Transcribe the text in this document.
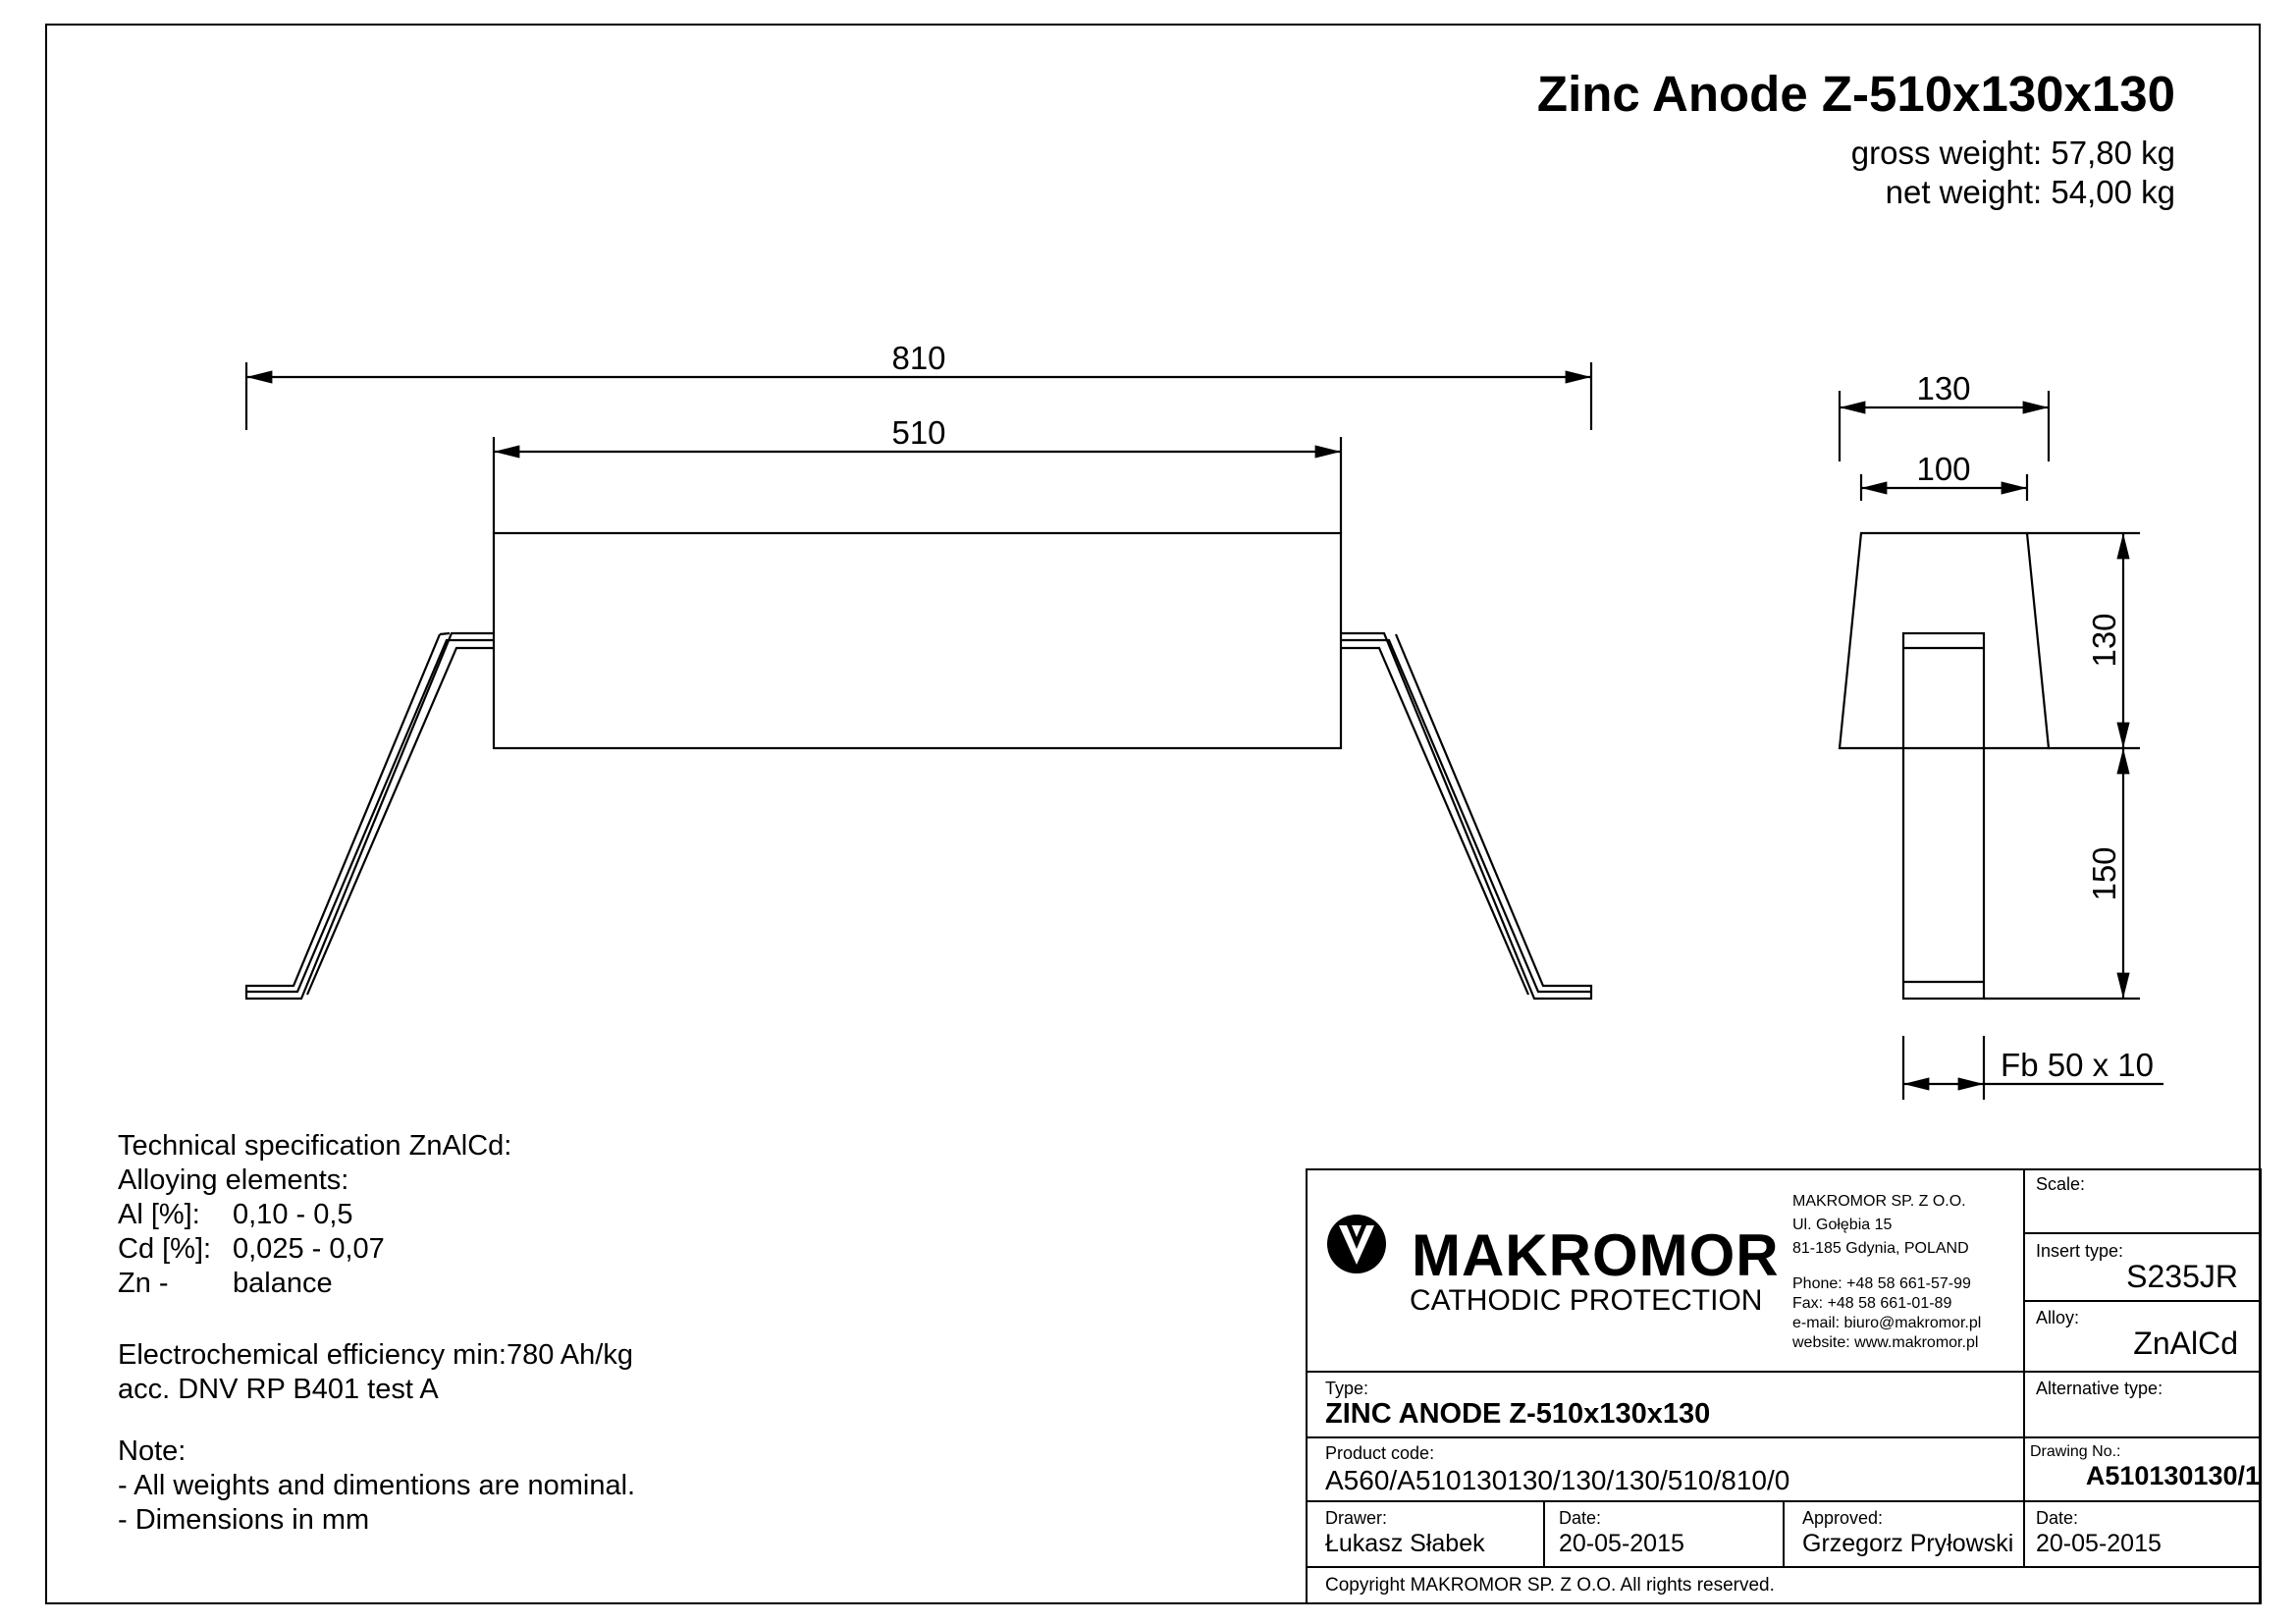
Zinc Anode Z-510x130x130
gross weight: 57,80 kg
net weight: 54,00 kg
810
510
130
100
130
150
Fb 50 x 10
Technical specification ZnAlCd:
Alloying elements:
Al [%]:	0,10 - 0,5
Cd [%]: 0,025 - 0,07
Zn -	balance
Electrochemical efficiency min:780 Ah/kg
acc. DNV RP B401 test A
Note:
- All weights and dimentions are nominal.
- Dimensions in mm
MAKROMOR
CATHODIC PROTECTION
MAKROMOR SP. Z O.O.
Ul. Gołębia 15
81-185 Gdynia, POLAND
Phone: +48 58 661-57-99
Fax: +48 58 661-01-89
e-mail: biuro@makromor.pl
website: www.makromor.pl
Scale:
Insert type:
S235JR
Alloy:
ZnAlCd
Alternative type:
Type:
ZINC ANODE Z-510x130x130
Product code:
A560/A510130130/130/130/510/810/0
Drawing No.:
A510130130/1
Drawer:
Łukasz Słabek
Date:
20-05-2015
Approved:
Grzegorz Pryłowski
Date:
20-05-2015
Copyright MAKROMOR SP. Z O.O. All rights reserved.
